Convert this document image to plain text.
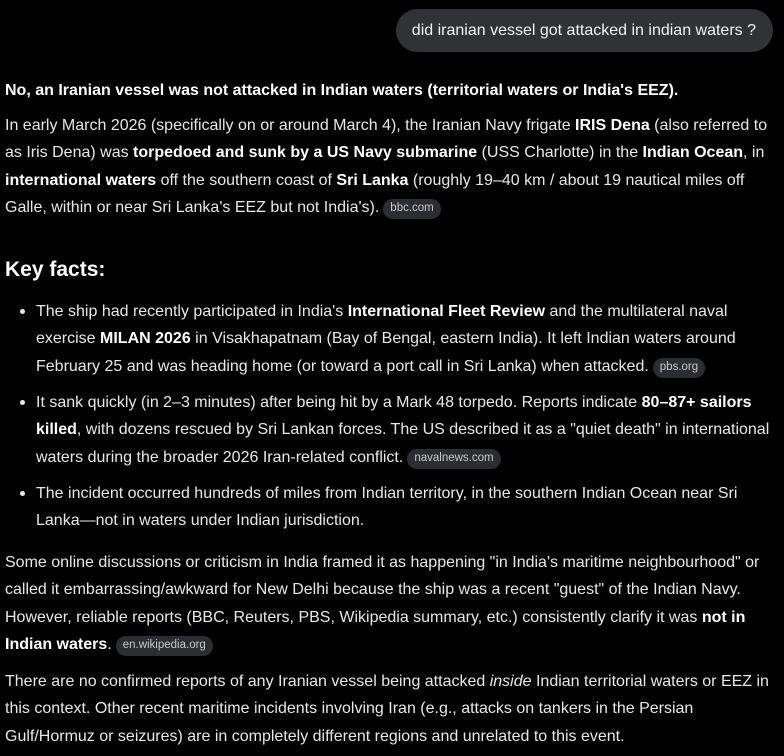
did iranian vessel got attacked in indian waters ?

No, an Iranian vessel was not attacked in Indian waters (territorial waters or India's EEZ).

In early March 2026 (specifically on or around March 4), the Iranian Navy frigate IRIS Dena (also referred to as Iris Dena) was torpedoed and sunk by a US Navy submarine (USS Charlotte) in the Indian Ocean, in international waters off the southern coast of Sri Lanka (roughly 19–40 km / about 19 nautical miles off Galle, within or near Sri Lanka's EEZ but not India's). bbc.com

Key facts:
The ship had recently participated in India's International Fleet Review and the multilateral naval exercise MILAN 2026 in Visakhapatnam (Bay of Bengal, eastern India). It left Indian waters around February 25 and was heading home (or toward a port call in Sri Lanka) when attacked. pbs.org
It sank quickly (in 2–3 minutes) after being hit by a Mark 48 torpedo. Reports indicate 80–87+ sailors killed, with dozens rescued by Sri Lankan forces. The US described it as a "quiet death" in international waters during the broader 2026 Iran-related conflict. navalnews.com
The incident occurred hundreds of miles from Indian territory, in the southern Indian Ocean near Sri Lanka—not in waters under Indian jurisdiction.

Some online discussions or criticism in India framed it as happening "in India's maritime neighbourhood" or called it embarrassing/awkward for New Delhi because the ship was a recent "guest" of the Indian Navy. However, reliable reports (BBC, Reuters, PBS, Wikipedia summary, etc.) consistently clarify it was not in Indian waters. en.wikipedia.org

There are no confirmed reports of any Iranian vessel being attacked inside Indian territorial waters or EEZ in this context. Other recent maritime incidents involving Iran (e.g., attacks on tankers in the Persian Gulf/Hormuz or seizures) are in completely different regions and unrelated to this event.
